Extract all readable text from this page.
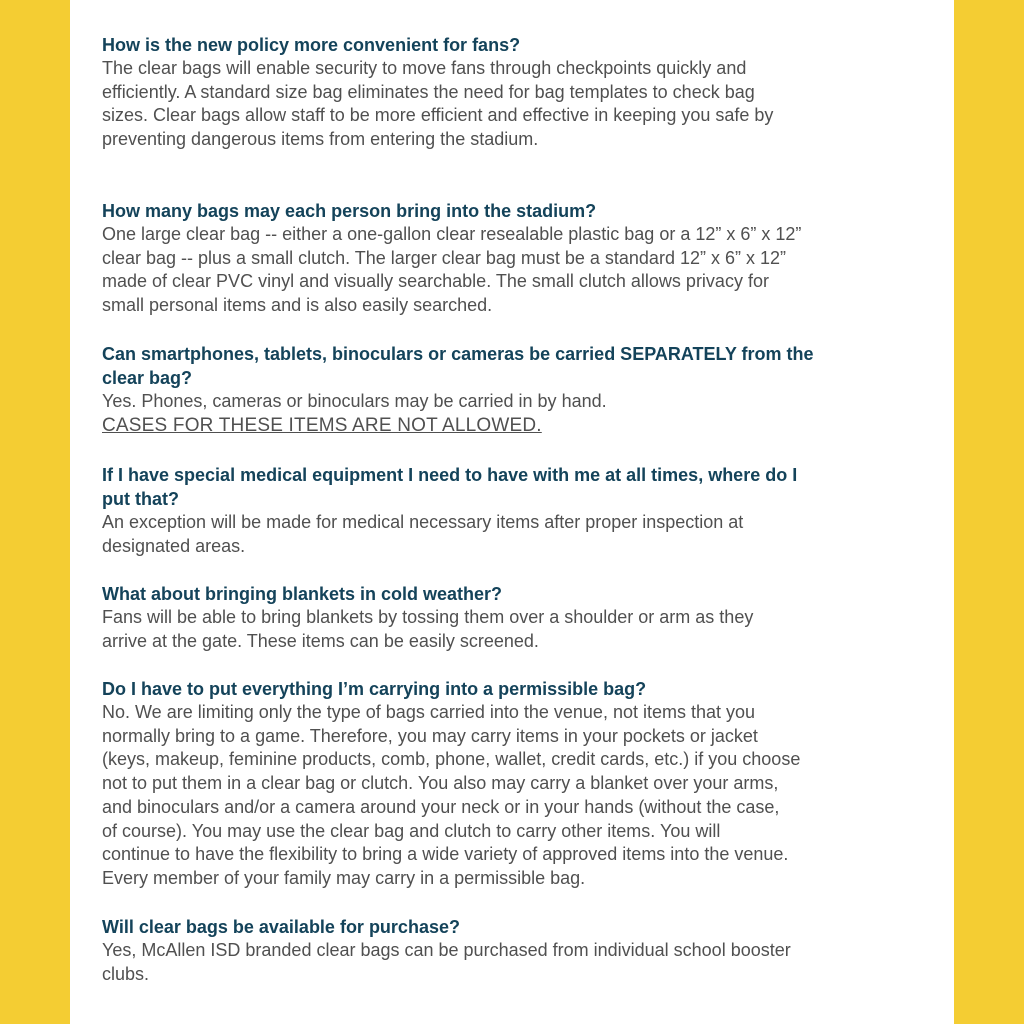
How is the new policy more convenient for fans?

The clear bags will enable security to move fans through checkpoints quickly and
efficiently. A standard size bag eliminates the need for bag templates to check bag
sizes. Clear bags allow staff to be more efficient and effective in keeping you safe by
preventing dangerous items from entering the stadium.

How many bags may each person bring into the stadium?

One large clear bag -- either a one-gallon clear resealable plastic bag or a 12” x 6” x 12”
clear bag -- plus a small clutch. The larger clear bag must be a standard 12” x 6” x 12”
made of clear PVC vinyl and visually searchable. The small clutch allows privacy for
small personal items and is also easily searched.

Can smartphones, tablets, binoculars or cameras be carried SEPARATELY from the
clear bag?

Yes. Phones, cameras or binoculars may be carried in by hand.

CASES FOR THESE ITEMS ARE NOT ALLOWED.

If I have special medical equipment I need to have with me at all times, where do I
put that?

An exception will be made for medical necessary items after proper inspection at
designated areas.

What about bringing blankets in cold weather?

Fans will be able to bring blankets by tossing them over a shoulder or arm as they
arrive at the gate. These items can be easily screened.

Do I have to put everything I’m carrying into a permissible bag?

No. We are limiting only the type of bags carried into the venue, not items that you
normally bring to a game. Therefore, you may carry items in your pockets or jacket
(keys, makeup, feminine products, comb, phone, wallet, credit cards, etc.) if you choose
not to put them in a clear bag or clutch. You also may carry a blanket over your arms,
and binoculars and/or a camera around your neck or in your hands (without the case,
of course). You may use the clear bag and clutch to carry other items. You will
continue to have the flexibility to bring a wide variety of approved items into the venue.
Every member of your family may carry in a permissible bag.

Will clear bags be available for purchase?

Yes, McAllen ISD branded clear bags can be purchased from individual school booster
clubs.
